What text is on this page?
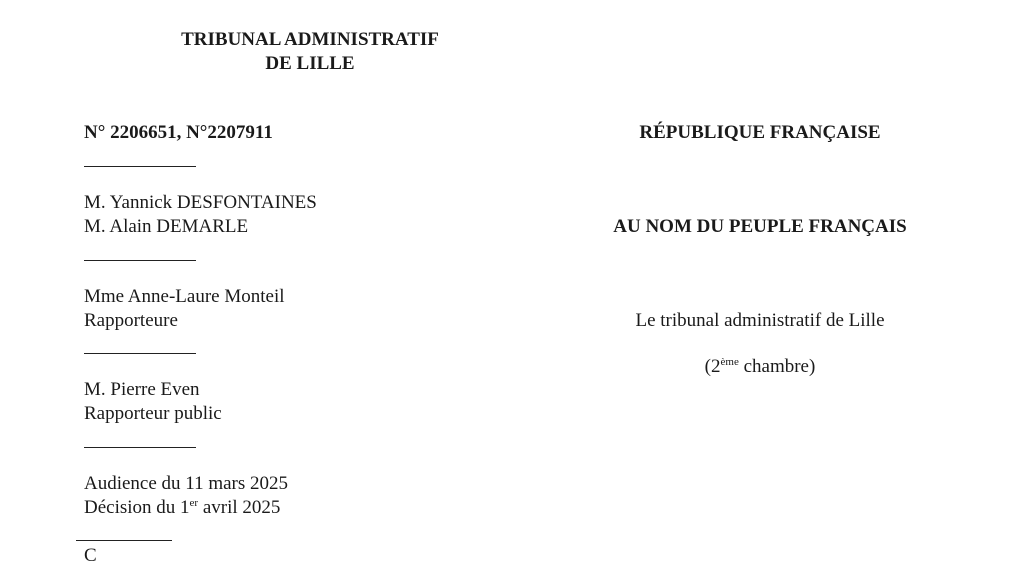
TRIBUNAL ADMINISTRATIF
DE LILLE
N° 2206651, N°2207911
M. Yannick DESFONTAINES
M. Alain DEMARLE
Mme Anne-Laure Monteil
Rapporteure
M. Pierre Even
Rapporteur public
Audience du 11 mars 2025
Décision du 1er avril 2025
C
RÉPUBLIQUE FRANÇAISE
AU NOM DU PEUPLE FRANÇAIS
Le tribunal administratif de Lille
(2ème chambre)
